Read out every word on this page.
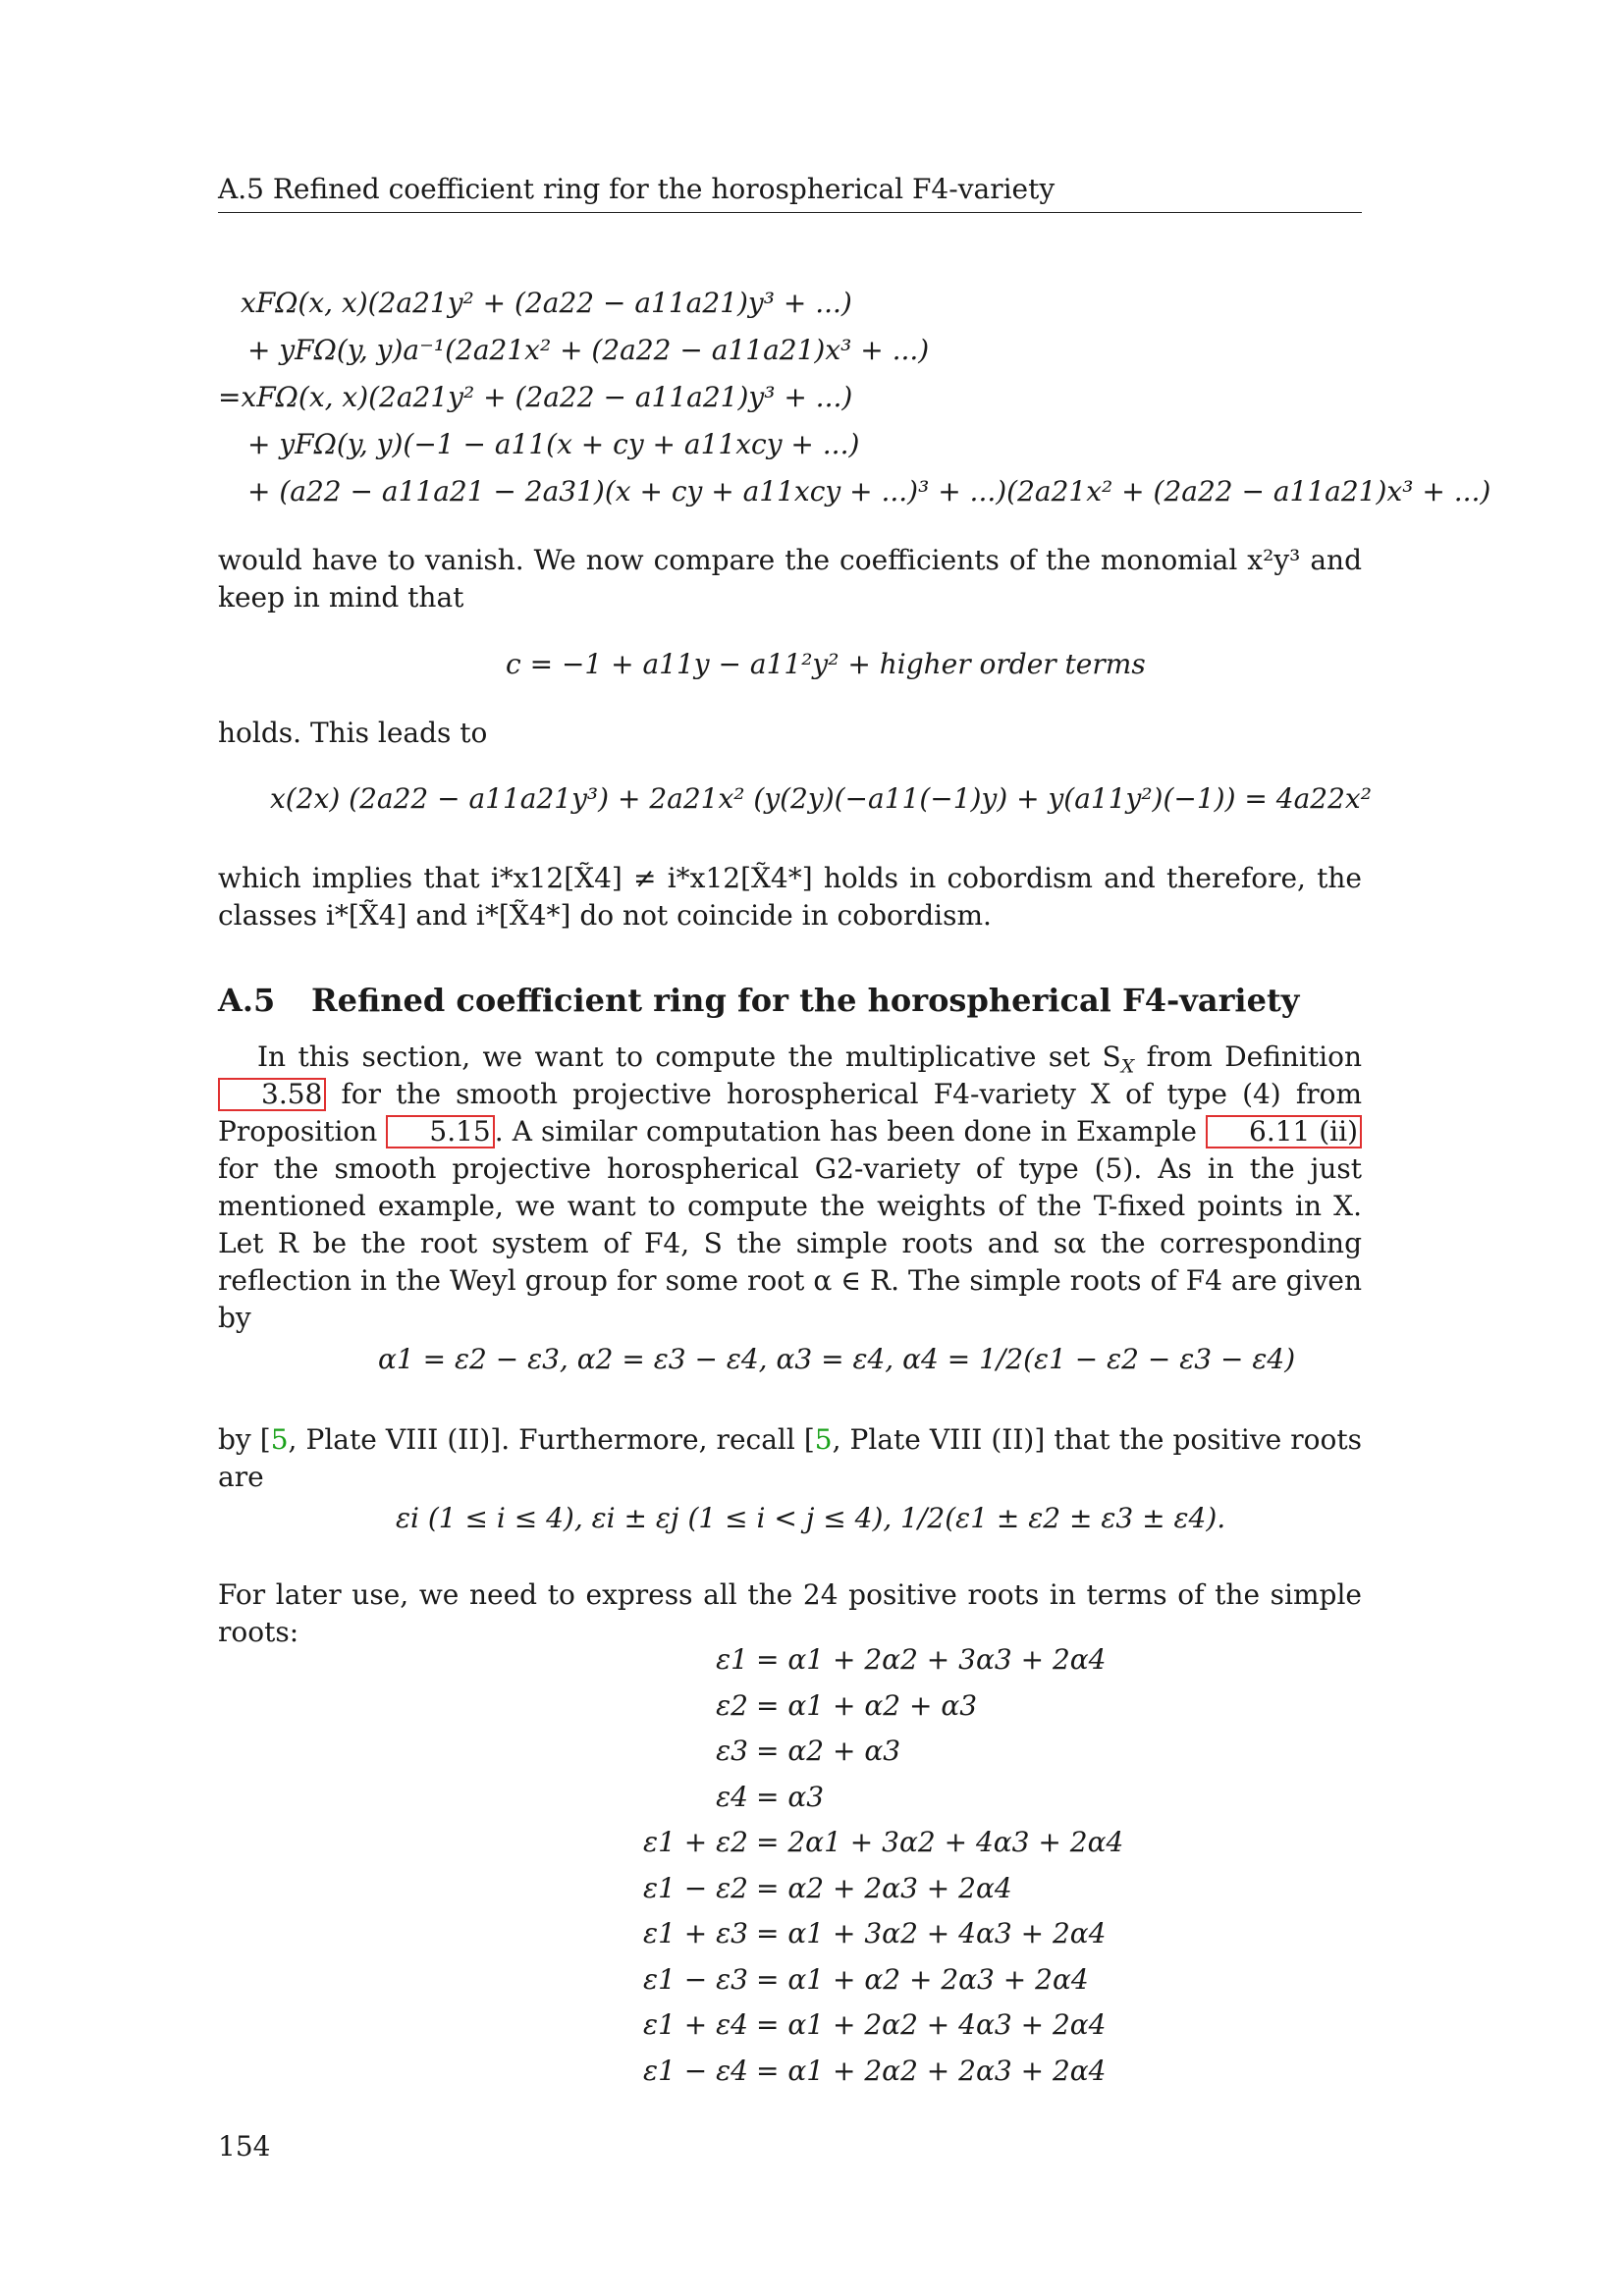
A.5 Refined coefficient ring for the horospherical F4-variety
xFΩ(x, x)(2a21y² + (2a22 − a11a21)y³ + ...)
+ yFΩ(y, y)a⁻¹(2a21x² + (2a22 − a11a21)x³ + ...)
=xFΩ(x, x)(2a21y² + (2a22 − a11a21)y³ + ...)
+ yFΩ(y, y)(−1 − a11(x + cy + a11xcy + ...)
+ (a22 − a11a21 − 2a31)(x + cy + a11xcy + ...)³ + ...)(2a21x² + (2a22 − a11a21)x³ + ...)
would have to vanish. We now compare the coefficients of the monomial x²y³ and keep in mind that
c = −1 + a11y − a11²y² + higher order terms
holds. This leads to
x(2x) (2a22 − a11a21y³) + 2a21x² (y(2y)(−a11(−1)y) + y(a11y²)(−1)) = 4a22x²
which implies that i*x12[X̃4] ≠ i*x12[X̃4*] holds in cobordism and therefore, the classes i*[X̃4] and i*[X̃4*] do not coincide in cobordism.
A.5 Refined coefficient ring for the horospherical F4-variety
In this section, we want to compute the multiplicative set $S_X$ from Definition 3.58 for the smooth projective horospherical F4-variety X of type (4) from Proposition 5.15 . A similar computation has been done in Example 6.11 (ii) for the smooth projective horospherical G2-variety of type (5). As in the just mentioned example, we want to compute the weights of the T-fixed points in X. Let R be the root system of F4, S the simple roots and sα the corresponding reflection in the Weyl group for some root α ∈ R. The simple roots of F4 are given by
α1 = ε2 − ε3, α2 = ε3 − ε4, α3 = ε4, α4 = 1/2(ε1 − ε2 − ε3 − ε4)
by [5, Plate VIII (II)]. Furthermore, recall [5, Plate VIII (II)] that the positive roots are
εi (1 ≤ i ≤ 4), εi ± εj (1 ≤ i < j ≤ 4), 1/2(ε1 ± ε2 ± ε3 ± ε4).
For later use, we need to express all the 24 positive roots in terms of the simple roots:
ε1 = α1 + 2α2 + 3α3 + 2α4
ε2 = α1 + α2 + α3
ε3 = α2 + α3
ε4 = α3
ε1 + ε2 = 2α1 + 3α2 + 4α3 + 2α4
ε1 − ε2 = α2 + 2α3 + 2α4
ε1 + ε3 = α1 + 3α2 + 4α3 + 2α4
ε1 − ε3 = α1 + α2 + 2α3 + 2α4
ε1 + ε4 = α1 + 2α2 + 4α3 + 2α4
ε1 − ε4 = α1 + 2α2 + 2α3 + 2α4
154
